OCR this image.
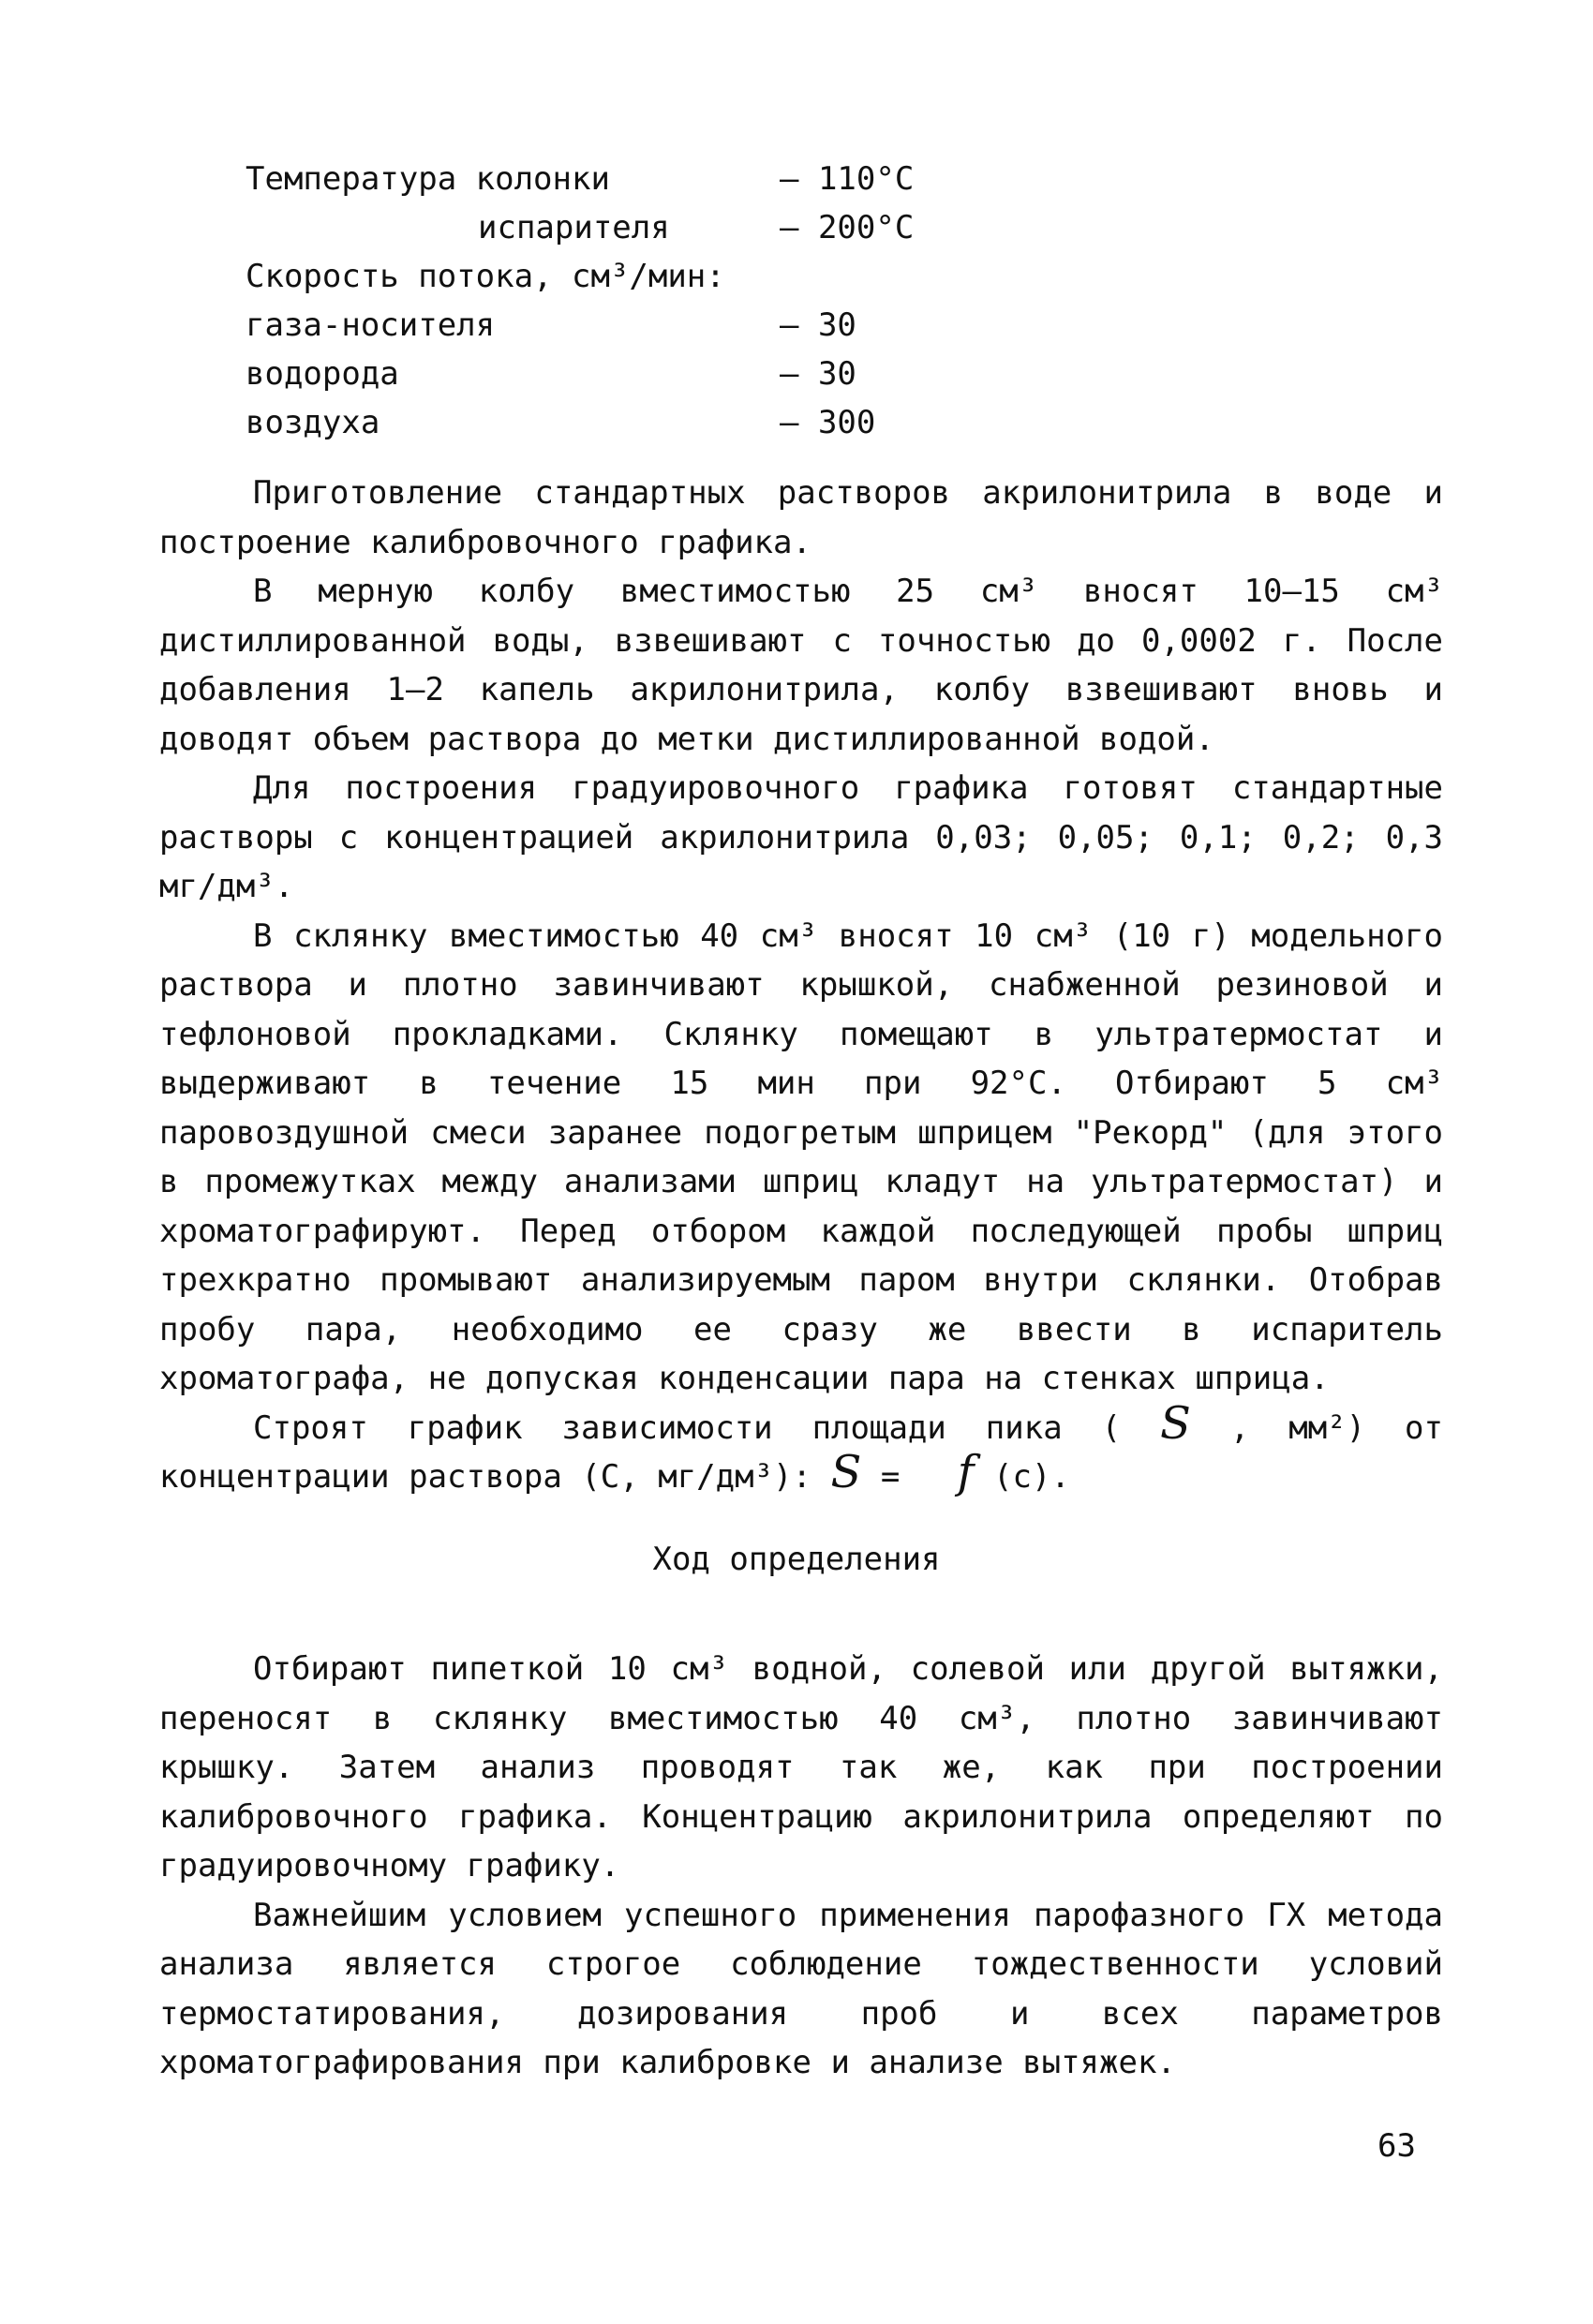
Температура колонки	– 110°С
испарителя	– 200°С
Скорость потока, см³/мин:
газа-носителя	– 30
водорода	– 30
воздуха	– 300

Приготовление стандартных растворов акрилонитрила в воде и построение калибровочного графика.

В мерную колбу вместимостью 25 см³ вносят 10–15 см³ дистиллированной воды, взвешивают с точностью до 0,0002 г. После добавления 1–2 капель акрилонитрила, колбу взвешивают вновь и доводят объем раствора до метки дистиллированной водой.

Для построения градуировочного графика готовят стандартные растворы с концентрацией акрилонитрила 0,03; 0,05; 0,1; 0,2; 0,3 мг/дм³.

В склянку вместимостью 40 см³ вносят 10 см³ (10 г) модельного раствора и плотно завинчивают крышкой, снабженной резиновой и тефлоновой прокладками. Склянку помещают в ультратермостат и выдерживают в течение 15 мин при 92°С. Отбирают 5 см³ паровоздушной смеси заранее подогретым шприцем "Рекорд" (для этого в промежутках между анализами шприц кладут на ультратермостат) и хроматографируют. Перед отбором каждой последующей пробы шприц трехкратно промывают анализируемым паром внутри склянки. Отобрав пробу пара, необходимо ее сразу же ввести в испаритель хроматографа, не допуская конденсации пара на стенках шприца.

Строят график зависимости площади пика ( S , мм²) от концентрации раствора (С, мг/дм³): S = f (с).

Ход определения

Отбирают пипеткой 10 см³ водной, солевой или другой вытяжки, переносят в склянку вместимостью 40 см³, плотно завинчивают крышку. Затем анализ проводят так же, как при построении калибровочного графика. Концентрацию акрилонитрила определяют по градуировочному графику.

Важнейшим условием успешного применения парофазного ГХ метода анализа является строгое соблюдение тождественности условий термостатирования, дозирования проб и всех параметров хроматографирования при калибровке и анализе вытяжек.

63
